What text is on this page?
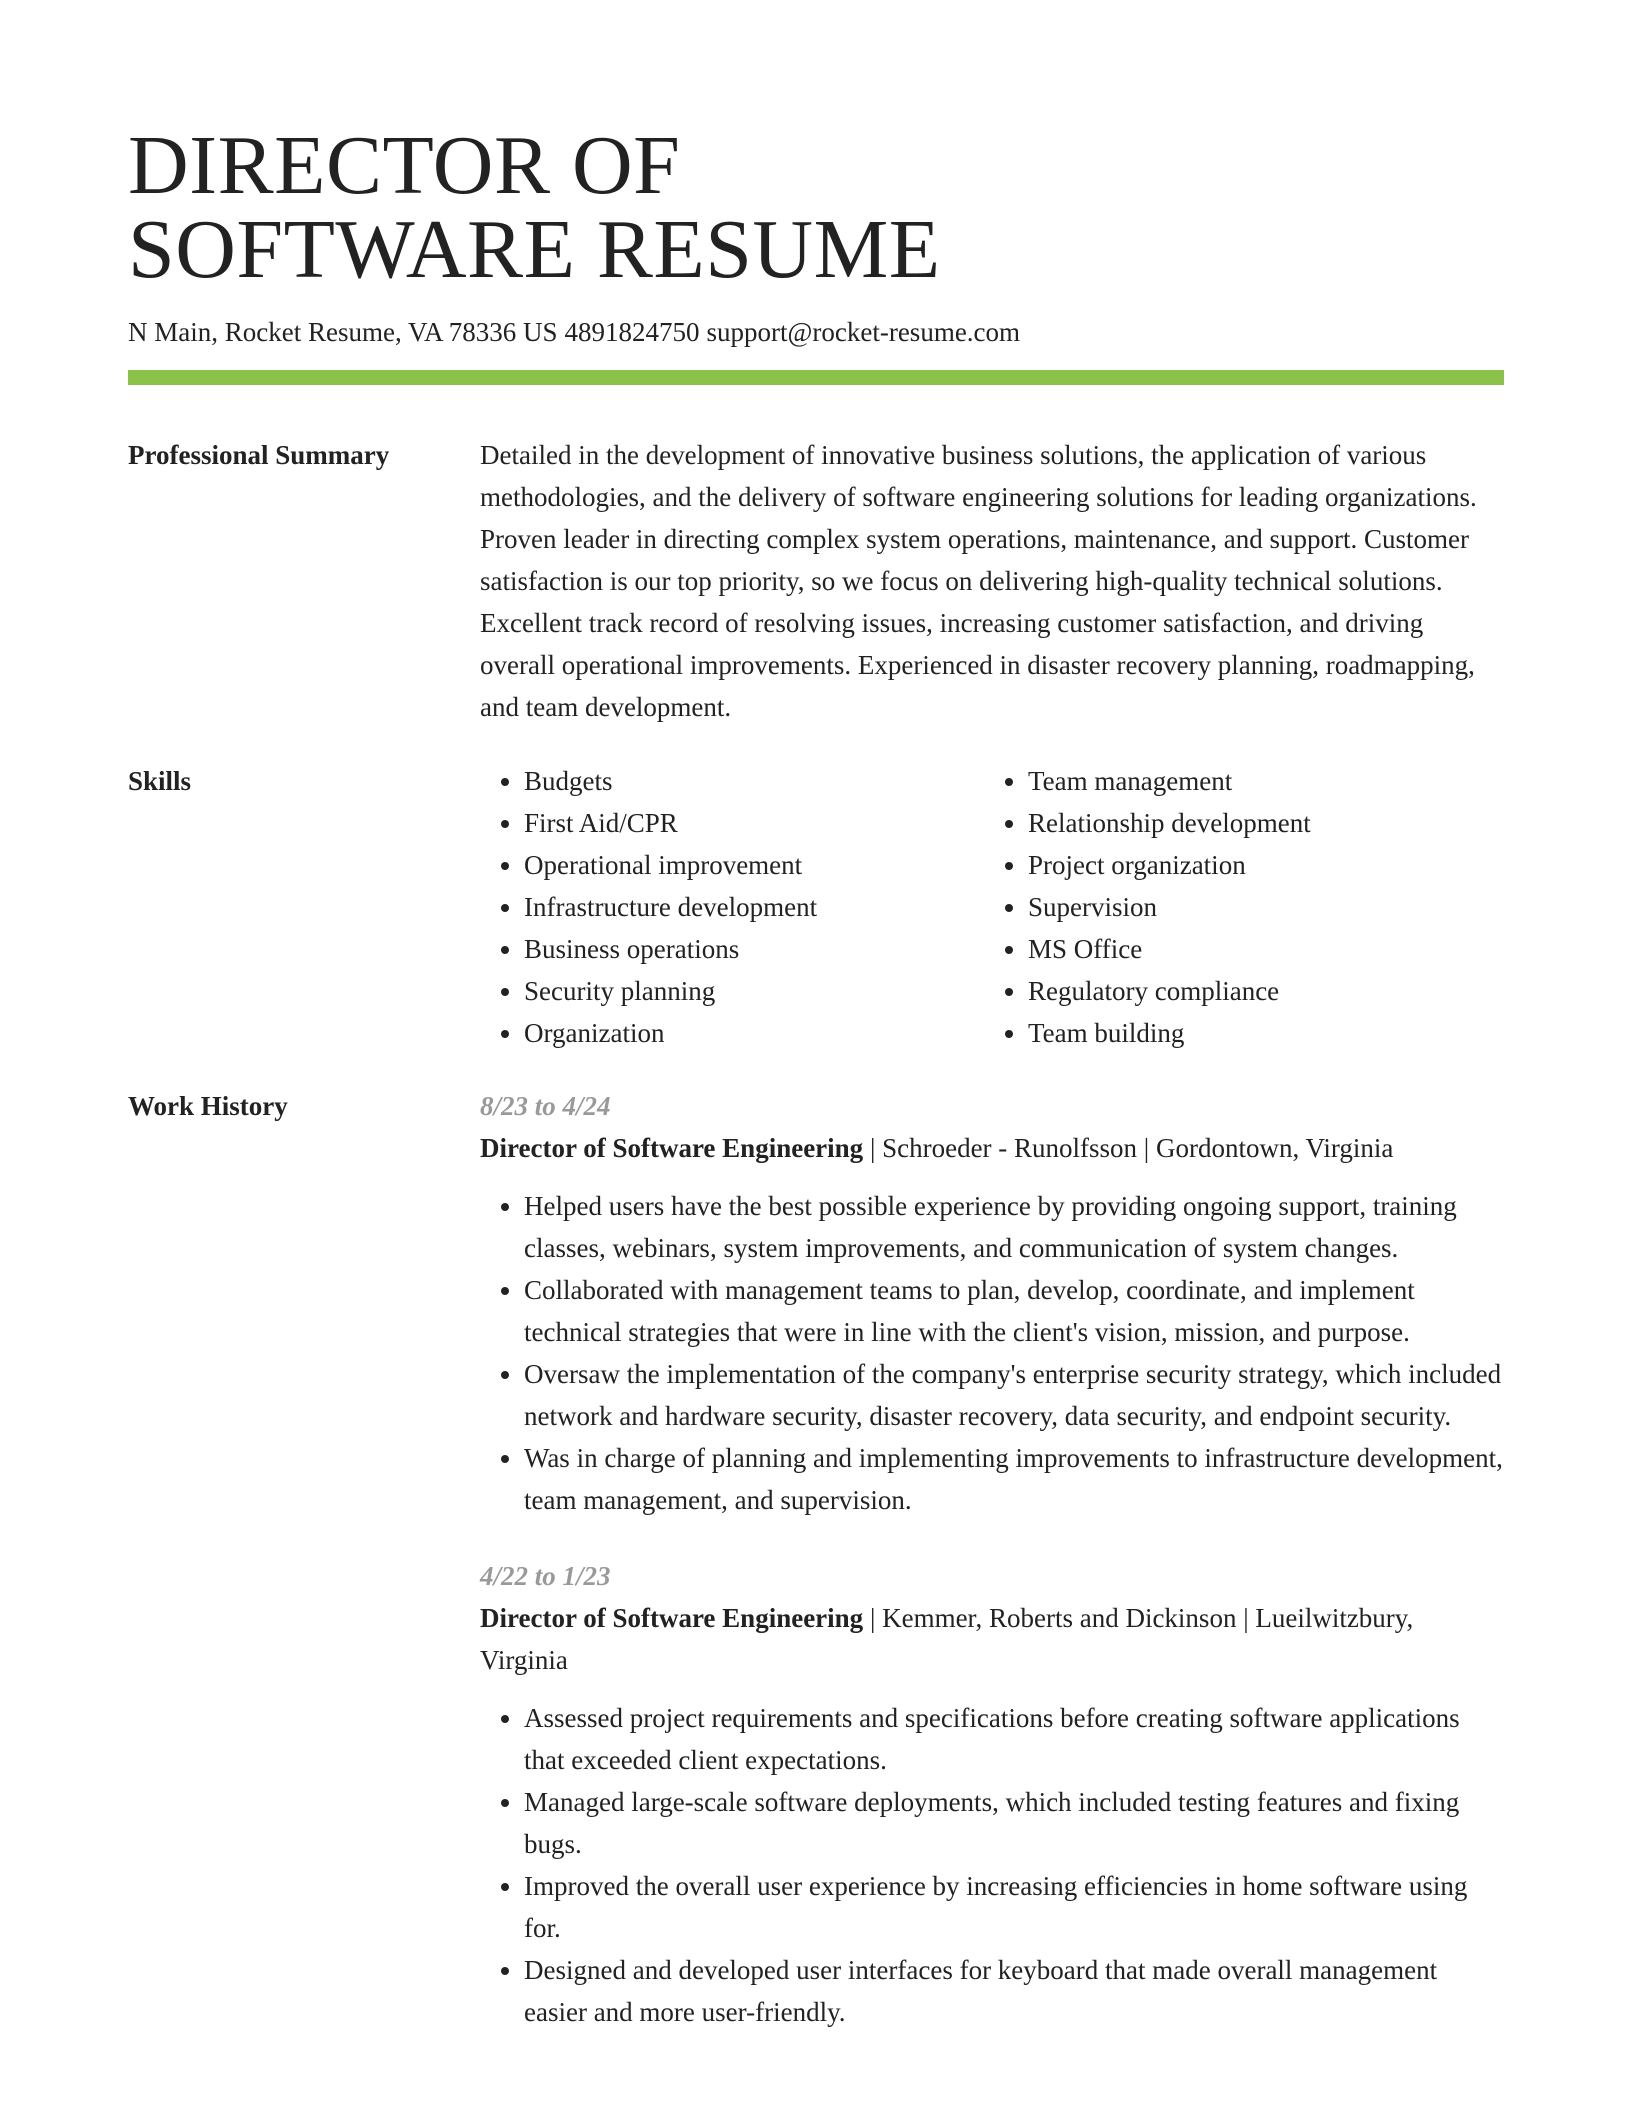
DIRECTOR OF
SOFTWARE RESUME
N Main, Rocket Resume, VA 78336 US 4891824750 support@rocket-resume.com
Professional Summary	Detailed in the development of innovative business solutions, the application of various methodologies, and the delivery of software engineering solutions for leading organizations. Proven leader in directing complex system operations, maintenance, and support. Customer satisfaction is our top priority, so we focus on delivering high-quality technical solutions. Excellent track record of resolving issues, increasing customer satisfaction, and driving overall operational improvements. Experienced in disaster recovery planning, roadmapping, and team development.

Skills
•	Budgets
• First Aid/CPR
• Operational improvement
• Infrastructure development
• Business operations
• Security planning
• Organization
• Team management
• Relationship development
• Project organization
• Supervision
• MS Office
• Regulatory compliance
• Team building
Work History	8/23 to 4/24
Director of Software Engineering | Schroeder - Runolfsson | Gordontown, Virginia
• Helped users have the best possible experience by providing ongoing support, training classes, webinars, system improvements, and communication of system changes.
• Collaborated with management teams to plan, develop, coordinate, and implement technical strategies that were in line with the client's vision, mission, and purpose.
• Oversaw the implementation of the company's enterprise security strategy, which included network and hardware security, disaster recovery, data security, and endpoint security.
• Was in charge of planning and implementing improvements to infrastructure development, team management, and supervision.
4/22 to 1/23
Director of Software Engineering | Kemmer, Roberts and Dickinson | Lueilwitzbury, Virginia
• Assessed project requirements and specifications before creating software applications that exceeded client expectations.
• Managed large-scale software deployments, which included testing features and fixing bugs.
• Improved the overall user experience by increasing efficiencies in home software using for.
• Designed and developed user interfaces for keyboard that made overall management easier and more user-friendly.
